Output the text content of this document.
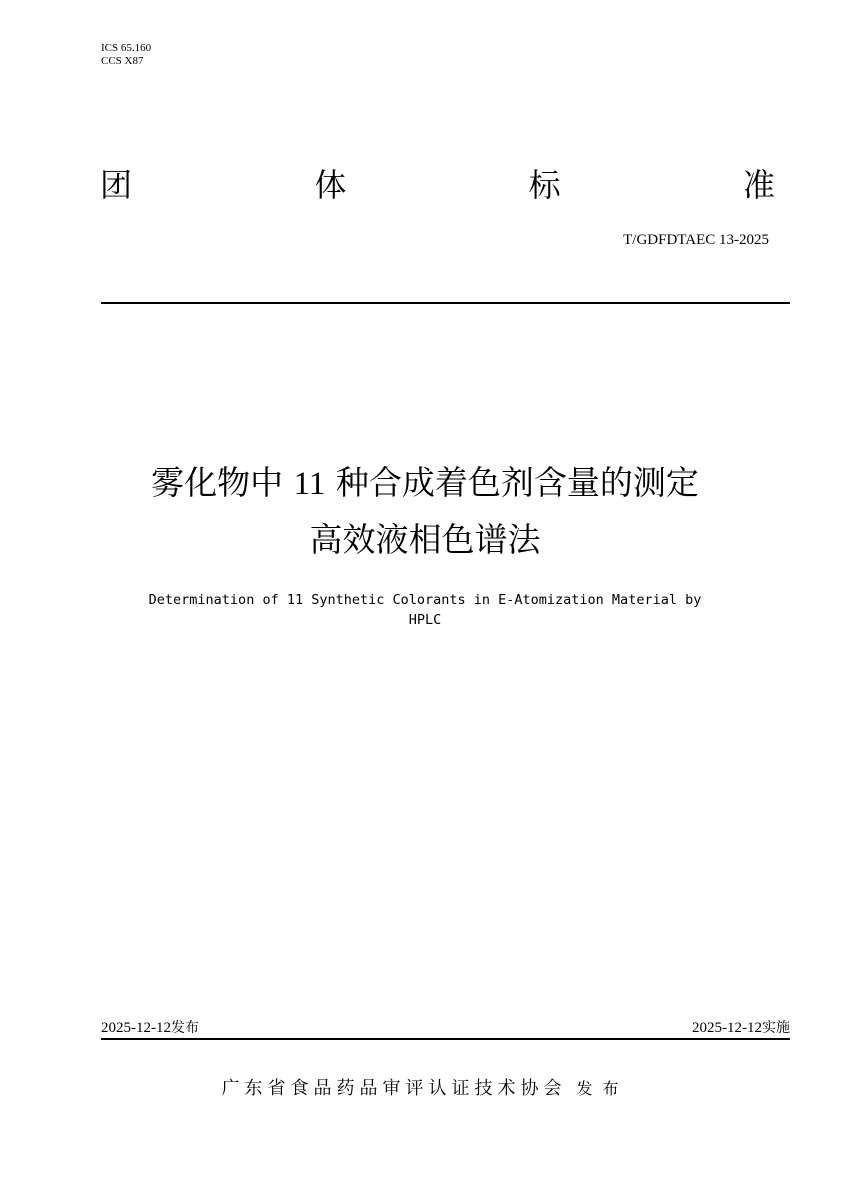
ICS 65.160
CCS X87
团	体	标	准
T/GDFDTAEC 13-2025
雾化物中 11 种合成着色剂含量的测定
高效液相色谱法
Determination of 11 Synthetic Colorants in E-Atomization Material by
HPLC
2025-12-12发布	2025-12-12实施
广东省食品药品审评认证技术协会 发布
